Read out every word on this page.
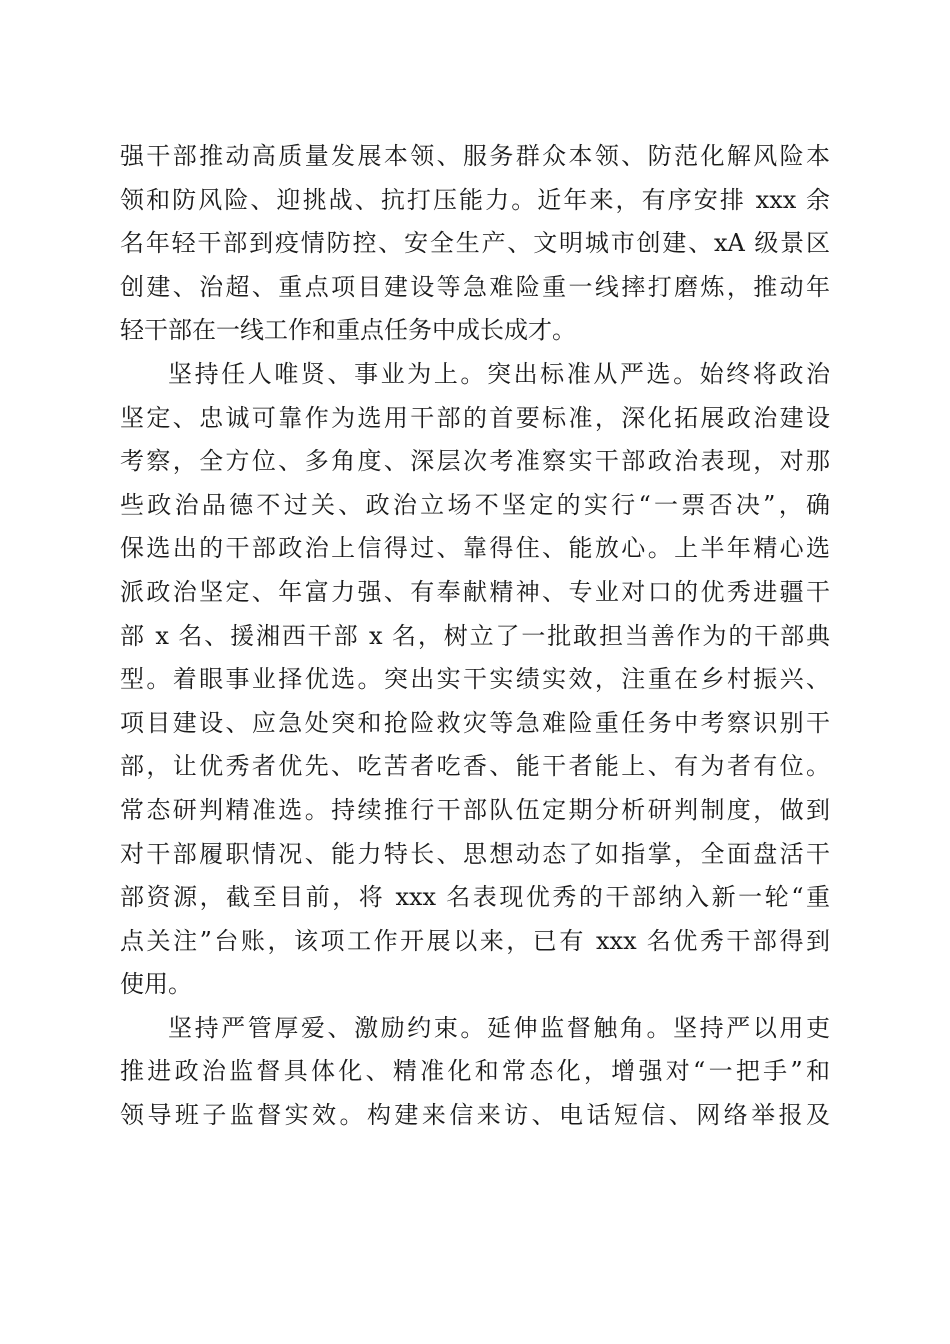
强干部推动高质量发展本领、服务群众本领、防范化解风险本
领和防风险、迎挑战、抗打压能力。近年来，有序安排 xxx 余
名年轻干部到疫情防控、安全生产、文明城市创建、xA 级景区
创建、治超、重点项目建设等急难险重一线摔打磨炼，推动年
轻干部在一线工作和重点任务中成长成才。
坚持任人唯贤、事业为上。突出标准从严选。始终将政治
坚定、忠诚可靠作为选用干部的首要标准，深化拓展政治建设
考察，全方位、多角度、深层次考准察实干部政治表现，对那
些政治品德不过关、政治立场不坚定的实行“一票否决”，确
保选出的干部政治上信得过、靠得住、能放心。上半年精心选
派政治坚定、年富力强、有奉献精神、专业对口的优秀进疆干
部 x 名、援湘西干部 x 名，树立了一批敢担当善作为的干部典
型。着眼事业择优选。突出实干实绩实效，注重在乡村振兴、
项目建设、应急处突和抢险救灾等急难险重任务中考察识别干
部，让优秀者优先、吃苦者吃香、能干者能上、有为者有位。
常态研判精准选。持续推行干部队伍定期分析研判制度，做到
对干部履职情况、能力特长、思想动态了如指掌，全面盘活干
部资源，截至目前，将 xxx 名表现优秀的干部纳入新一轮“重
点关注”台账，该项工作开展以来，已有 xxx 名优秀干部得到
使用。
坚持严管厚爱、激励约束。延伸监督触角。坚持严以用吏
推进政治监督具体化、精准化和常态化，增强对“一把手”和
领导班子监督实效。构建来信来访、电话短信、网络举报及
